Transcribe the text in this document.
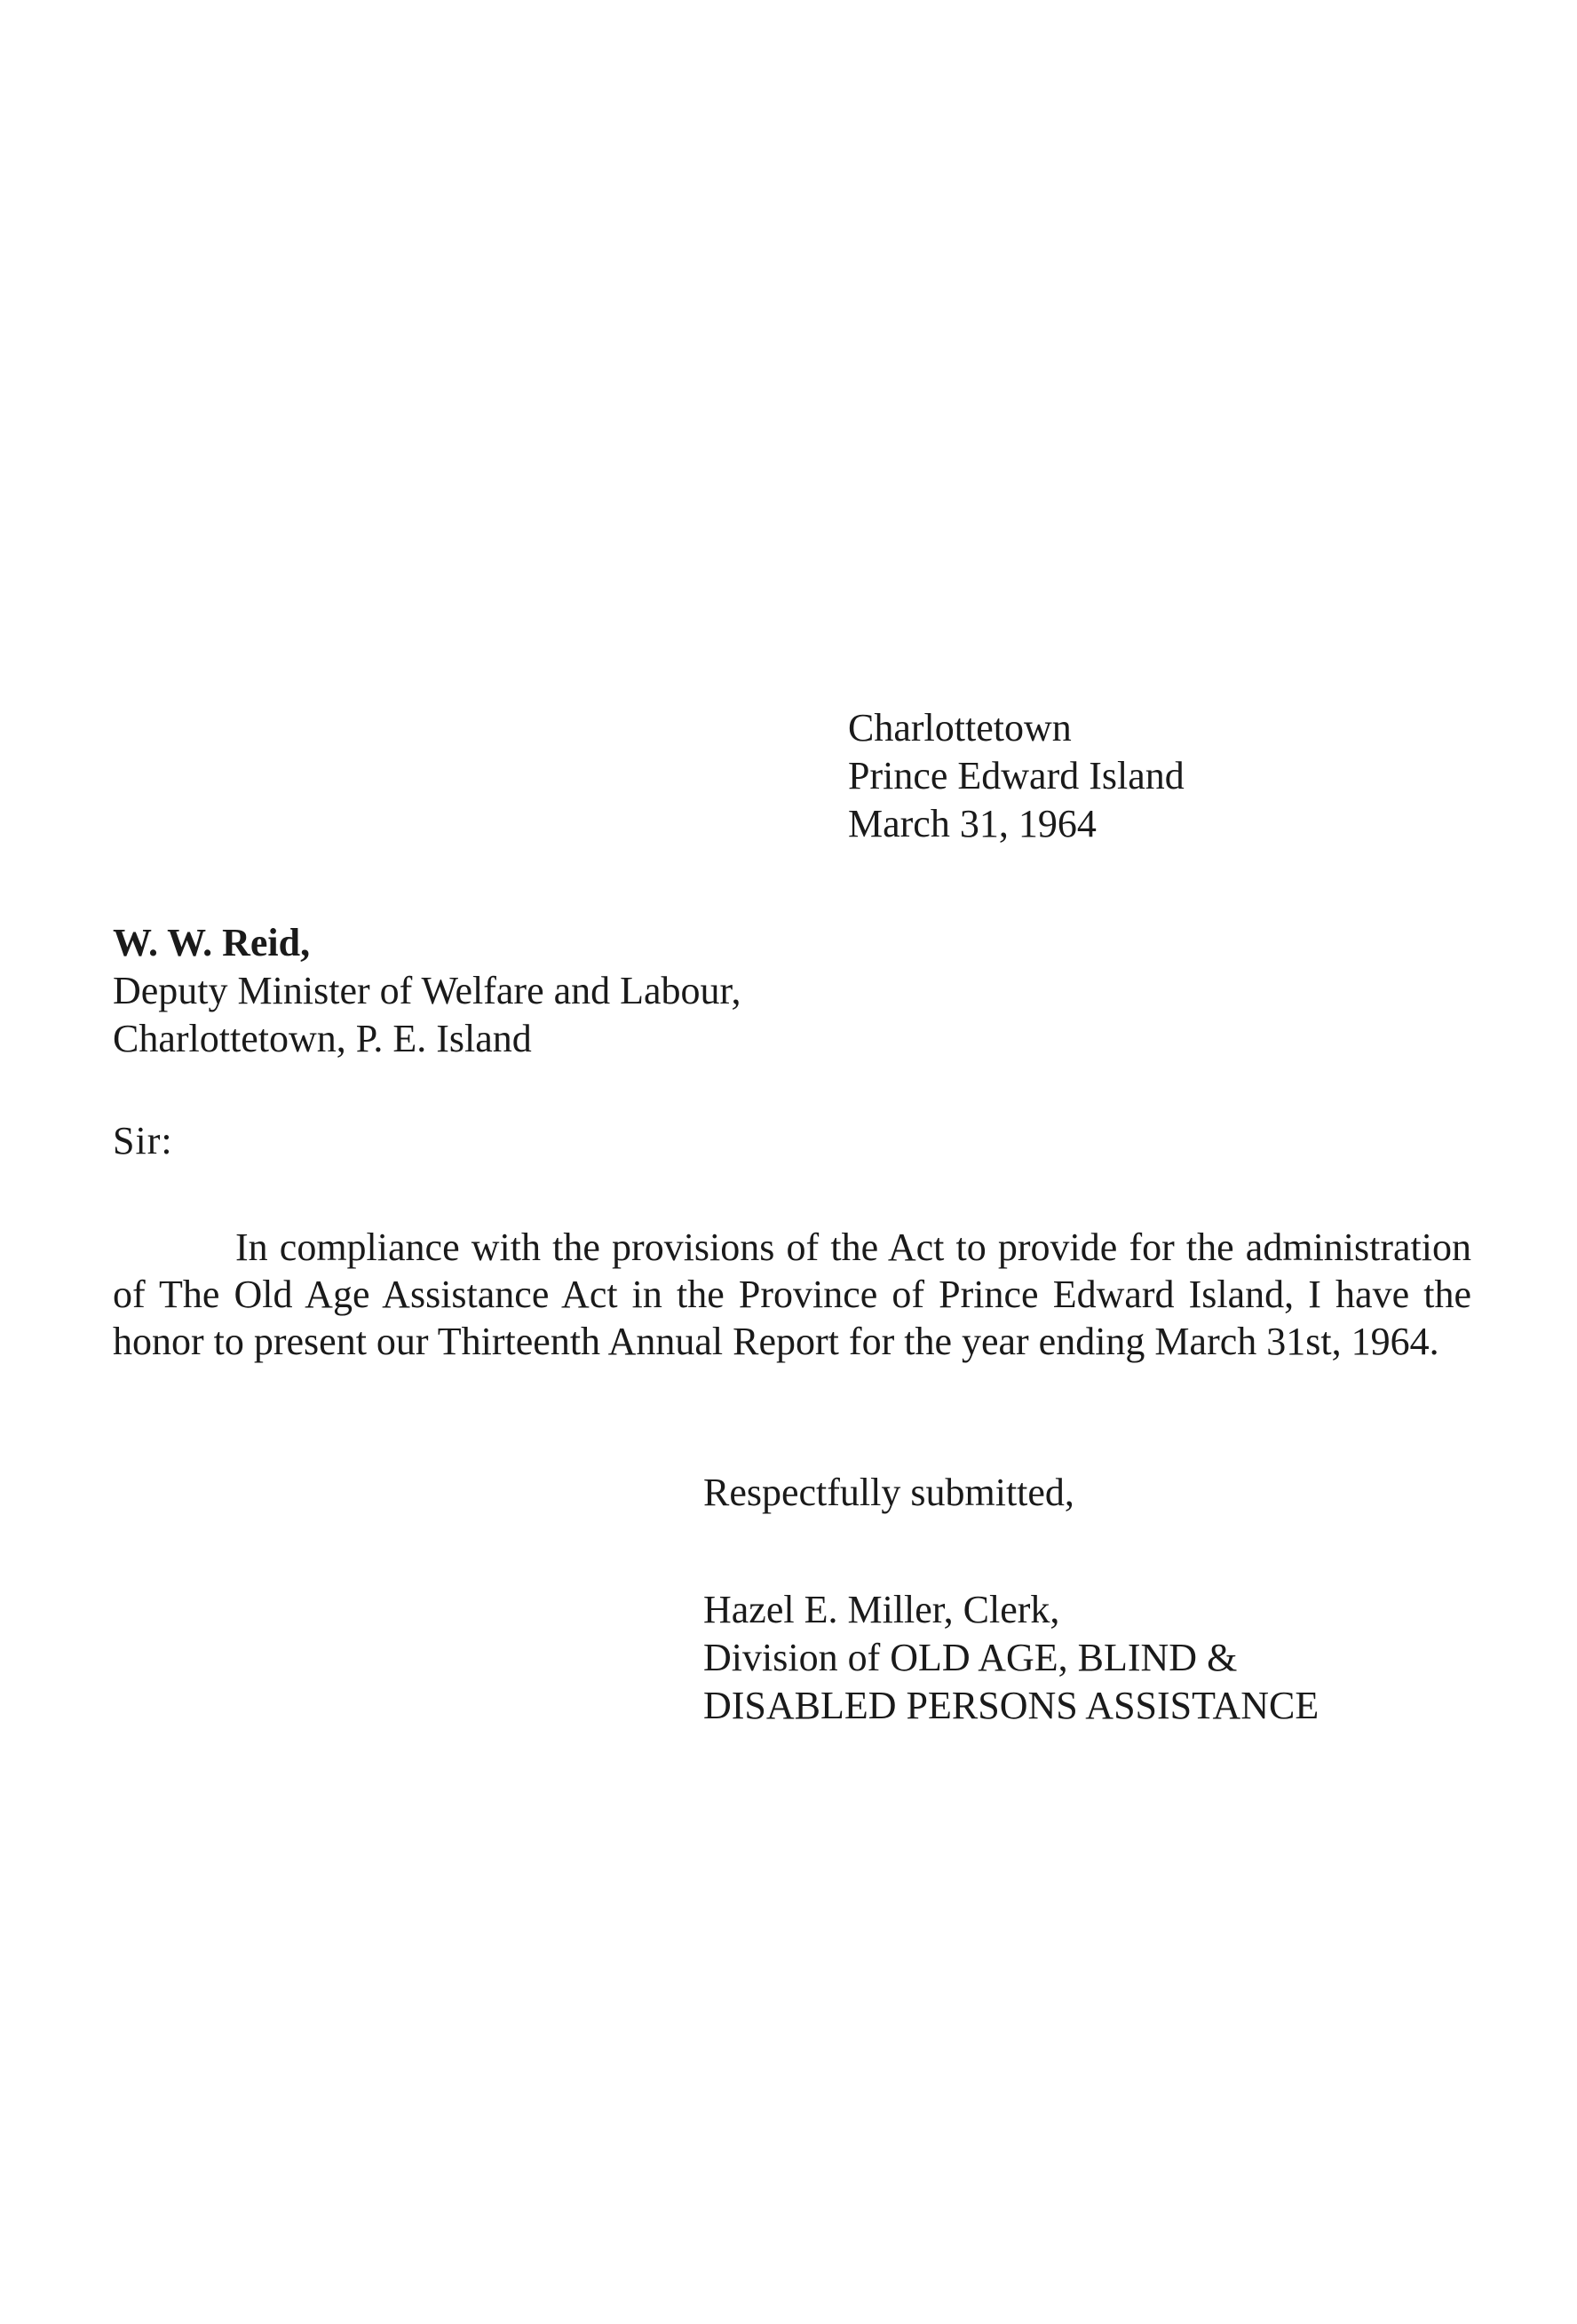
Charlottetown
Prince Edward Island
March 31, 1964
W. W. Reid,
Deputy Minister of Welfare and Labour,
Charlottetown, P. E. Island
Sir:

In compliance with the provisions of the Act to provide for the administration of The Old Age Assistance Act in the Province of Prince Edward Island, I have the honor to present our Thirteenth Annual Report for the year ending March 31st, 1964.

Respectfully submitted,
Hazel E. Miller, Clerk,
Division of OLD AGE, BLIND &
DISABLED PERSONS ASSISTANCE
